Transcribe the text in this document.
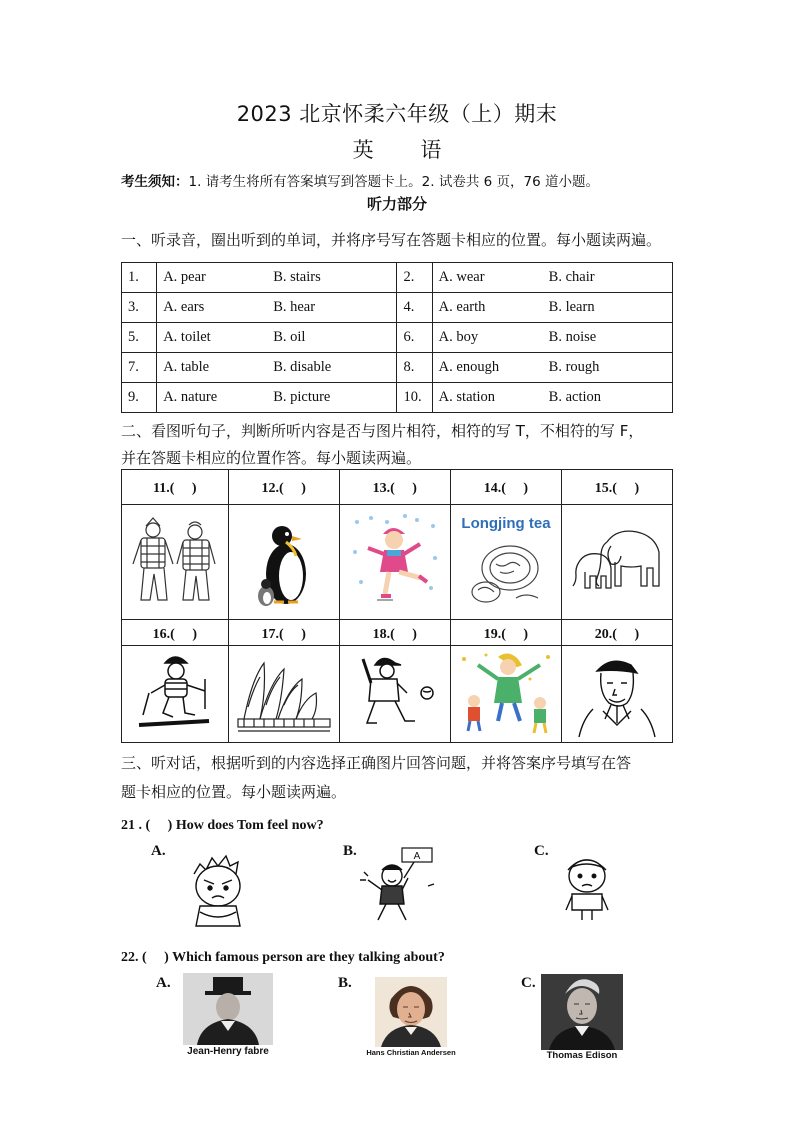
2023 北京怀柔六年级（上）期末
英 语
考生须知：1. 请考生将所有答案填写到答题卡上。2. 试卷共 6 页，76 道小题。
听力部分
一、听录音，圈出听到的单词，并将序号写在答题卡相应的位置。每小题读两遍。
1.	A. pear B. stairs	2.	A. wear B. chair
3.	A. ears B. hear	4.	A. earth B. learn
5.	A. toilet B. oil	6.	A. boy B. noise
7.	A. table B. disable	8.	A. enough B. rough
9.	A. nature B. picture	10.	A. station B. action
二、看图听句子，判断所听内容是否与图片相符，相符的写 T，不相符的写 F，
并在答题卡相应的位置作答。每小题读两遍。
11.(　 )	12.(　 )	13.(　 )	14.(　 )	15.(　 )

Longjing tea

16.(　 )	17.(　 )	18.(　 )	19.(　 )	20.(　 )

三、听对话，根据听到的内容选择正确图片回答问题，并将答案序号填写在答
题卡相应的位置。每小题读两遍。
21 . (　 ) How does Tom feel now?
A.	B.	A	C.
22. (　 ) Which famous person are they talking about?
A.
Jean-Henry fabre
B.
Hans Christian Andersen
C.
Thomas Edison
